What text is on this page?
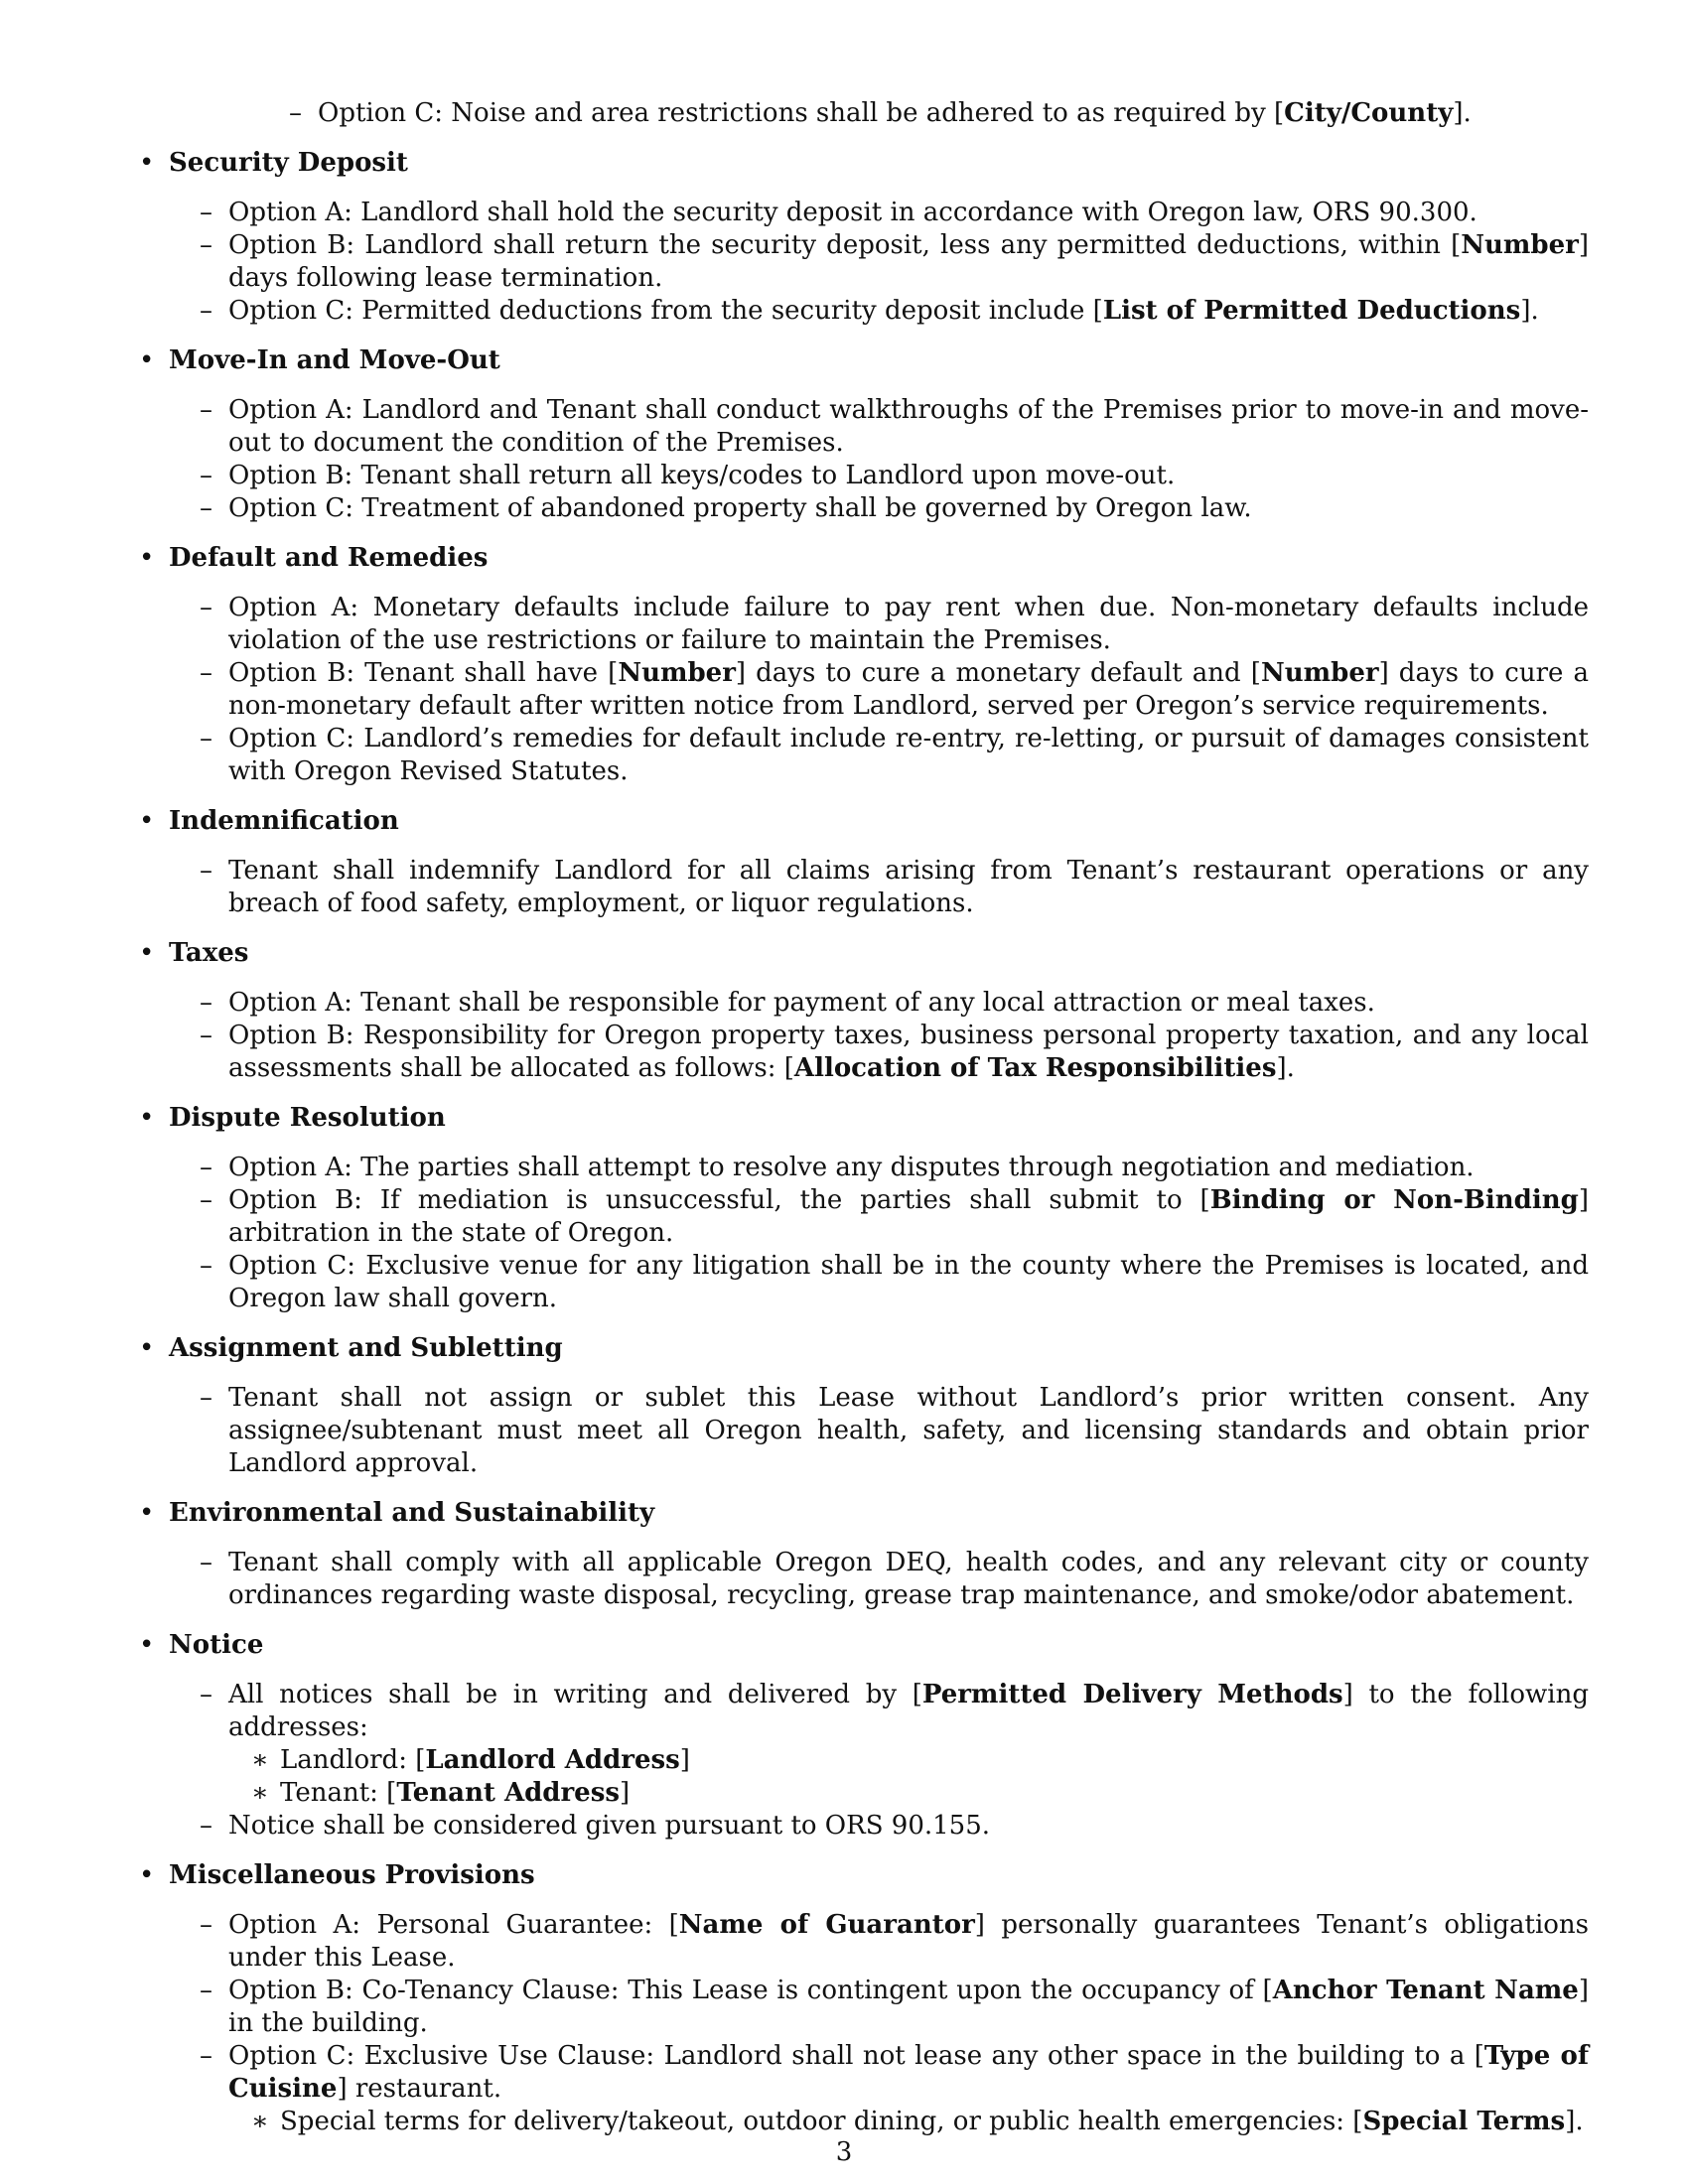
– Option C: Noise and area restrictions shall be adhered to as required by [City/County].
• Security Deposit
– Option A: Landlord shall hold the security deposit in accordance with Oregon law, ORS 90.300.
– Option B: Landlord shall return the security deposit, less any permitted deductions, within [Number] days following lease termination.
– Option C: Permitted deductions from the security deposit include [List of Permitted Deductions].
• Move-In and Move-Out
– Option A: Landlord and Tenant shall conduct walkthroughs of the Premises prior to move-in and move-out to document the condition of the Premises.
– Option B: Tenant shall return all keys/codes to Landlord upon move-out.
– Option C: Treatment of abandoned property shall be governed by Oregon law.
• Default and Remedies
– Option A: Monetary defaults include failure to pay rent when due. Non-monetary defaults include violation of the use restrictions or failure to maintain the Premises.
– Option B: Tenant shall have [Number] days to cure a monetary default and [Number] days to cure a non-monetary default after written notice from Landlord, served per Oregon’s service requirements.
– Option C: Landlord’s remedies for default include re-entry, re-letting, or pursuit of damages consistent with Oregon Revised Statutes.
• Indemnification
– Tenant shall indemnify Landlord for all claims arising from Tenant’s restaurant operations or any breach of food safety, employment, or liquor regulations.
• Taxes
– Option A: Tenant shall be responsible for payment of any local attraction or meal taxes.
– Option B: Responsibility for Oregon property taxes, business personal property taxation, and any local assessments shall be allocated as follows: [Allocation of Tax Responsibilities].
• Dispute Resolution
– Option A: The parties shall attempt to resolve any disputes through negotiation and mediation.
– Option B: If mediation is unsuccessful, the parties shall submit to [Binding or Non-Binding] arbitration in the state of Oregon.
– Option C: Exclusive venue for any litigation shall be in the county where the Premises is located, and Oregon law shall govern.
• Assignment and Subletting
– Tenant shall not assign or sublet this Lease without Landlord’s prior written consent. Any assignee/subtenant must meet all Oregon health, safety, and licensing standards and obtain prior Landlord approval.
• Environmental and Sustainability
– Tenant shall comply with all applicable Oregon DEQ, health codes, and any relevant city or county ordinances regarding waste disposal, recycling, grease trap maintenance, and smoke/odor abatement.
• Notice
– All notices shall be in writing and delivered by [Permitted Delivery Methods] to the following addresses:
∗ Landlord: [Landlord Address]
∗ Tenant: [Tenant Address]
– Notice shall be considered given pursuant to ORS 90.155.
• Miscellaneous Provisions
– Option A: Personal Guarantee: [Name of Guarantor] personally guarantees Tenant’s obligations under this Lease.
– Option B: Co-Tenancy Clause: This Lease is contingent upon the occupancy of [Anchor Tenant Name] in the building.
– Option C: Exclusive Use Clause: Landlord shall not lease any other space in the building to a [Type of Cuisine] restaurant.
∗ Special terms for delivery/takeout, outdoor dining, or public health emergencies: [Special Terms].
3
